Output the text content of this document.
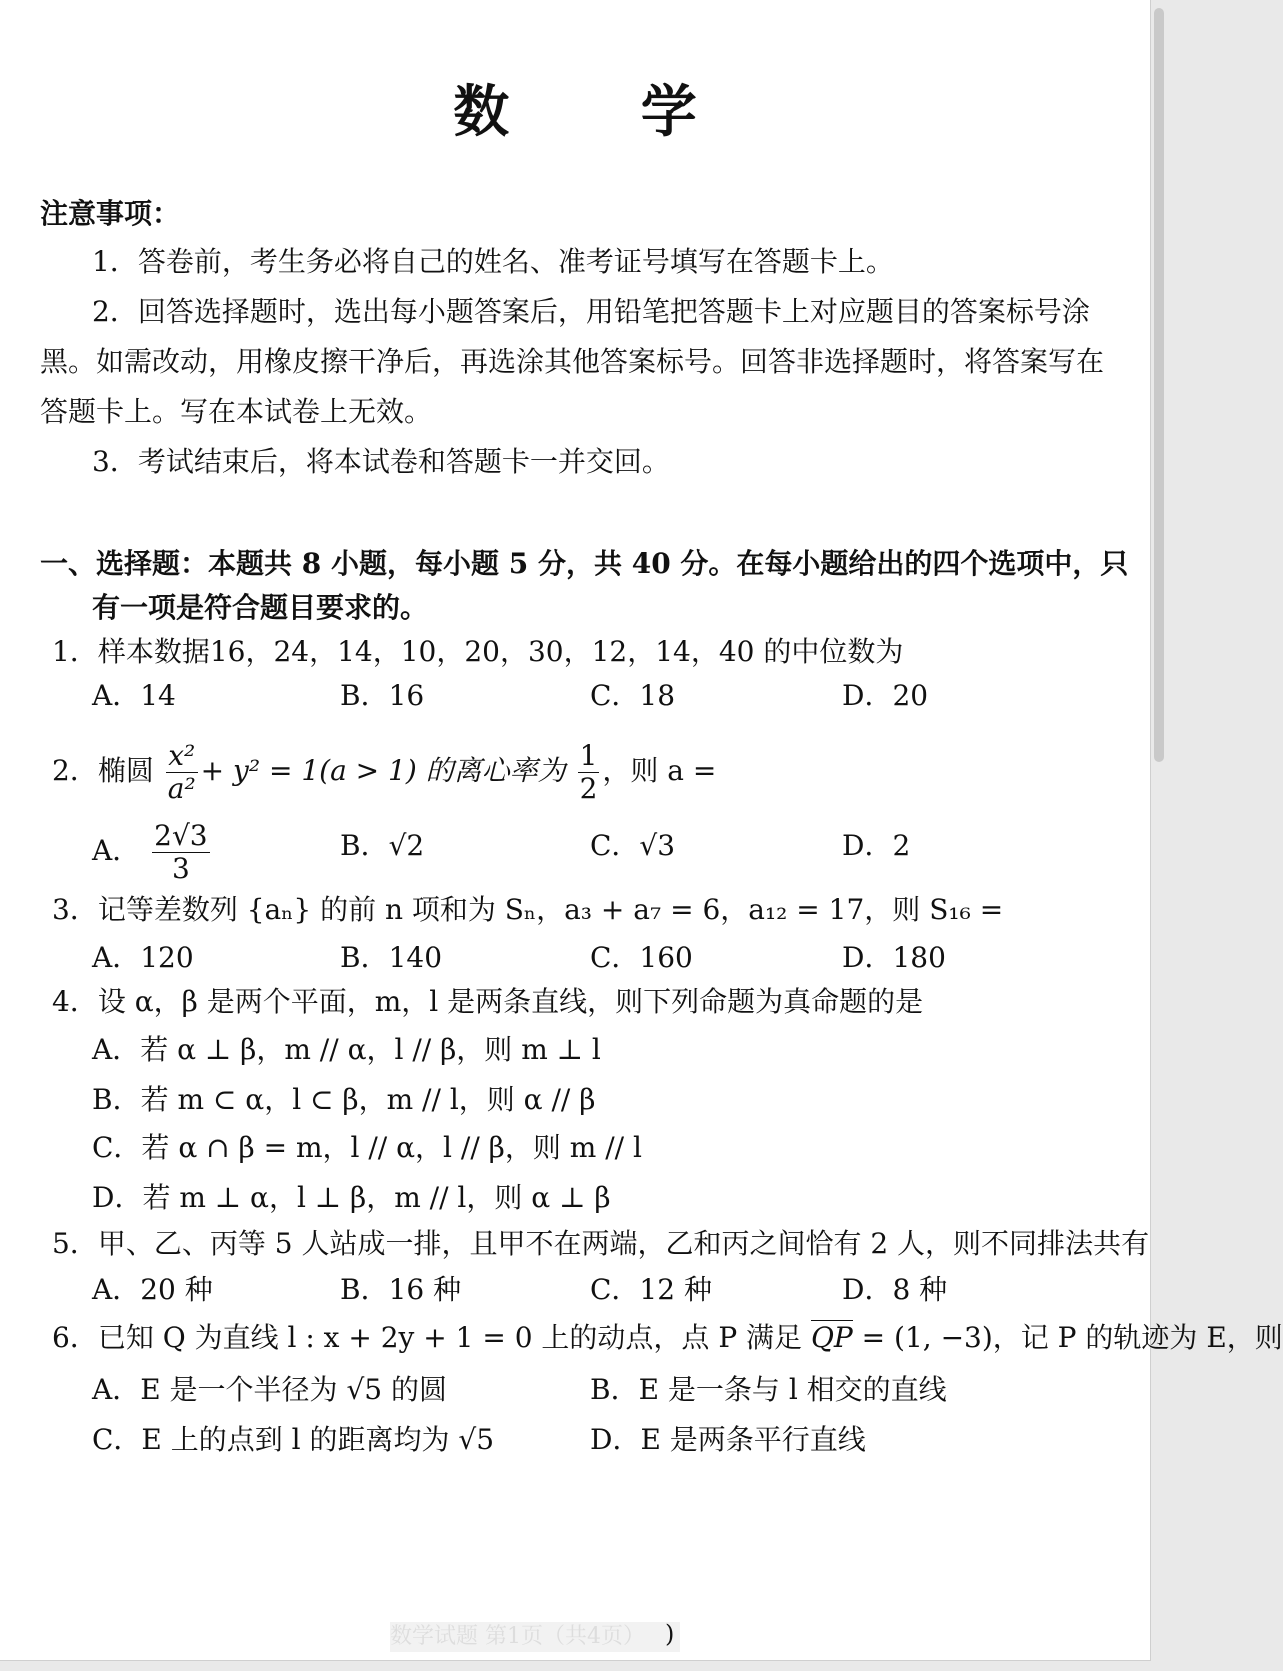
数 学
注意事项：
1．答卷前，考生务必将自己的姓名、准考证号填写在答题卡上。
2．回答选择题时，选出每小题答案后，用铅笔把答题卡上对应题目的答案标号涂
黑。如需改动，用橡皮擦干净后，再选涂其他答案标号。回答非选择题时，将答案写在
答题卡上。写在本试卷上无效。
3．考试结束后，将本试卷和答题卡一并交回。
一、选择题：本题共 8 小题，每小题 5 分，共 40 分。在每小题给出的四个选项中，只
有一项是符合题目要求的。
1．样本数据16，24，14，10，20，30，12，14，40 的中位数为
A．14	B．16	C．18	D．20
2．椭圆 $\frac{\text{x²}}{\text{a²}} + y^2 = 1(a > 1)$ 的离心率为 $\frac{1}{2}$ ，则 a =
A． $\frac{2√3}{3}$	B．√2	C．√3	D．2
3．记等差数列 {aₙ} 的前 n 项和为 Sₙ，a₃ + a₇ = 6，a₁₂ = 17，则 S₁₆ =
A．120	B．140	C．160	D．180
4．设 α，β 是两个平面，m，l 是两条直线，则下列命题为真命题的是
A．若 α ⊥ β，m // α，l // β，则 m ⊥ l
B．若 m ⊂ α，l ⊂ β，m // l，则 α // β
C．若 α ∩ β = m，l // α，l // β，则 m // l
D．若 m ⊥ α，l ⊥ β，m // l，则 α ⊥ β
5．甲、乙、丙等 5 人站成一排，且甲不在两端，乙和丙之间恰有 2 人，则不同排法共有
A．20 种	B．16 种	C．12 种	D．8 种
6．已知 Q 为直线 l : x + 2y + 1 = 0 上的动点，点 P 满足 QP = (1, −3)，记 P 的轨迹为 E，则
A．E 是一个半径为 √5 的圆	B．E 是一条与 l 相交的直线
C．E 上的点到 l 的距离均为 √5	D．E 是两条平行直线
数学试题 第1页（共4页） )
